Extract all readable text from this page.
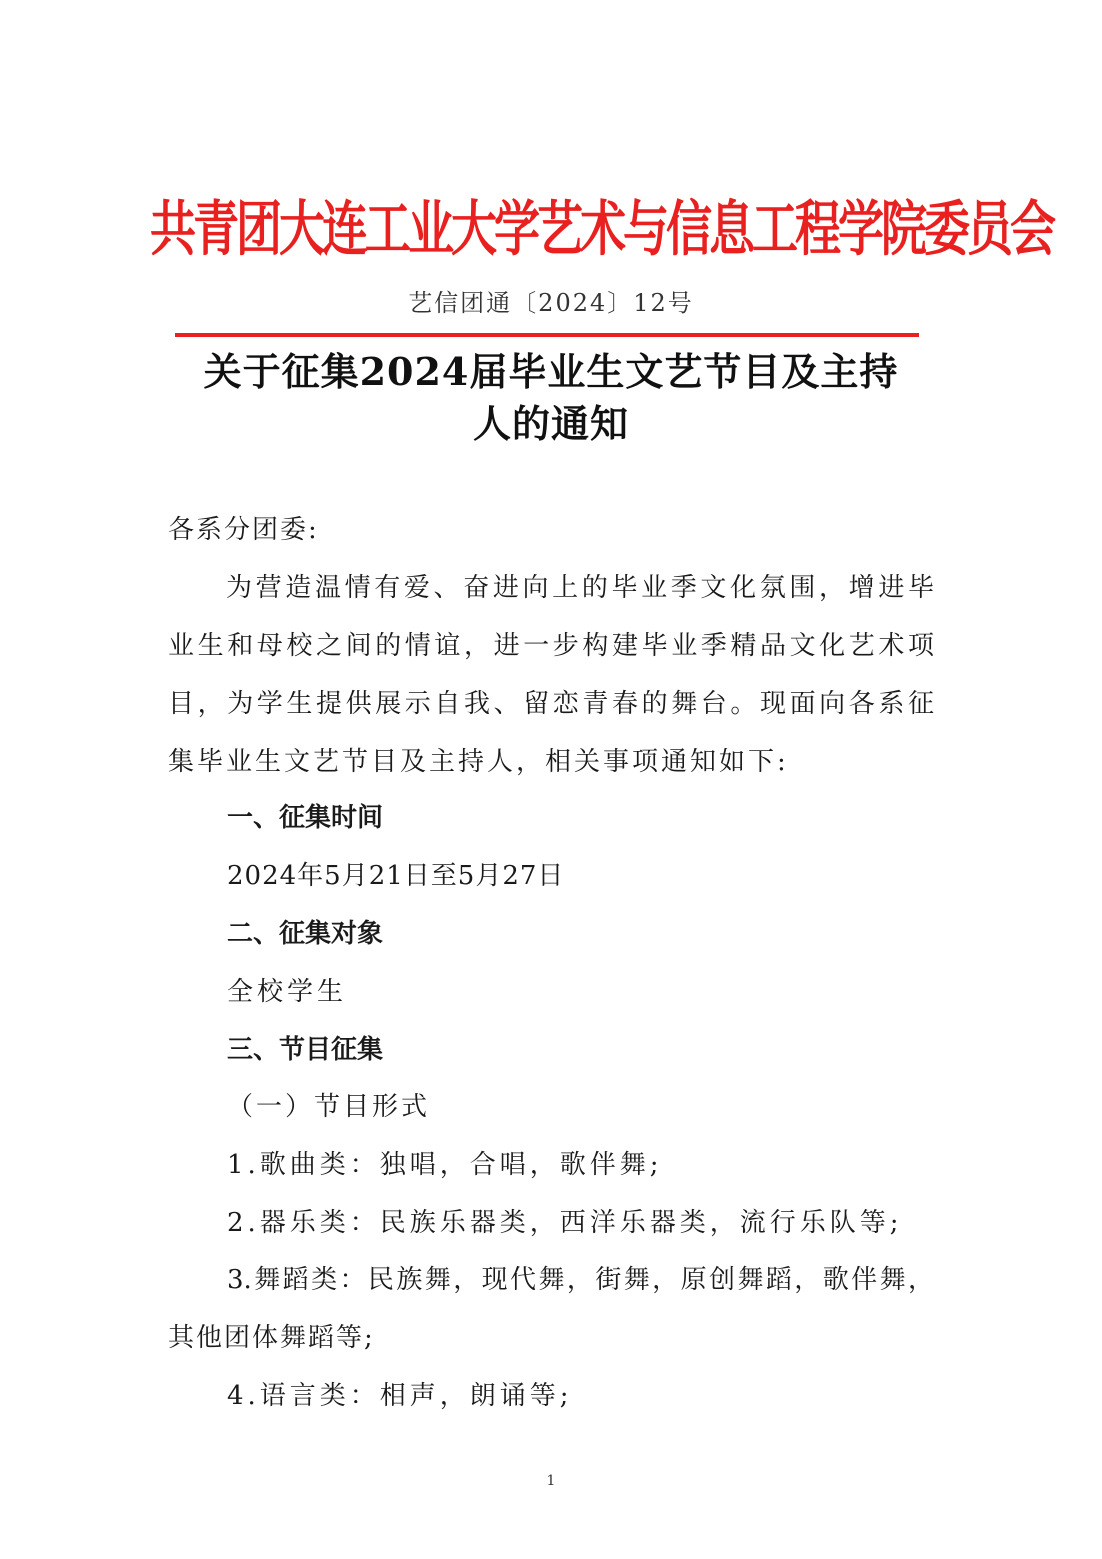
共青团大连工业大学艺术与信息工程学院委员会
艺信团通〔2024〕12号
关于征集2024届毕业生文艺节目及主持
人的通知
各系分团委:
为营造温情有爱、奋进向上的毕业季文化氛围，增进毕
业生和母校之间的情谊，进一步构建毕业季精品文化艺术项
目，为学生提供展示自我、留恋青春的舞台。现面向各系征
集毕业生文艺节目及主持人，相关事项通知如下:
一、征集时间
2024年5月21日至5月27日
二、征集对象
全校学生
三、节目征集
（一）节目形式
1.歌曲类：独唱，合唱，歌伴舞;
2.器乐类：民族乐器类，西洋乐器类，流行乐队等;
3.舞蹈类：民族舞，现代舞，街舞，原创舞蹈，歌伴舞，
其他团体舞蹈等;
4.语言类：相声，朗诵等;
1
